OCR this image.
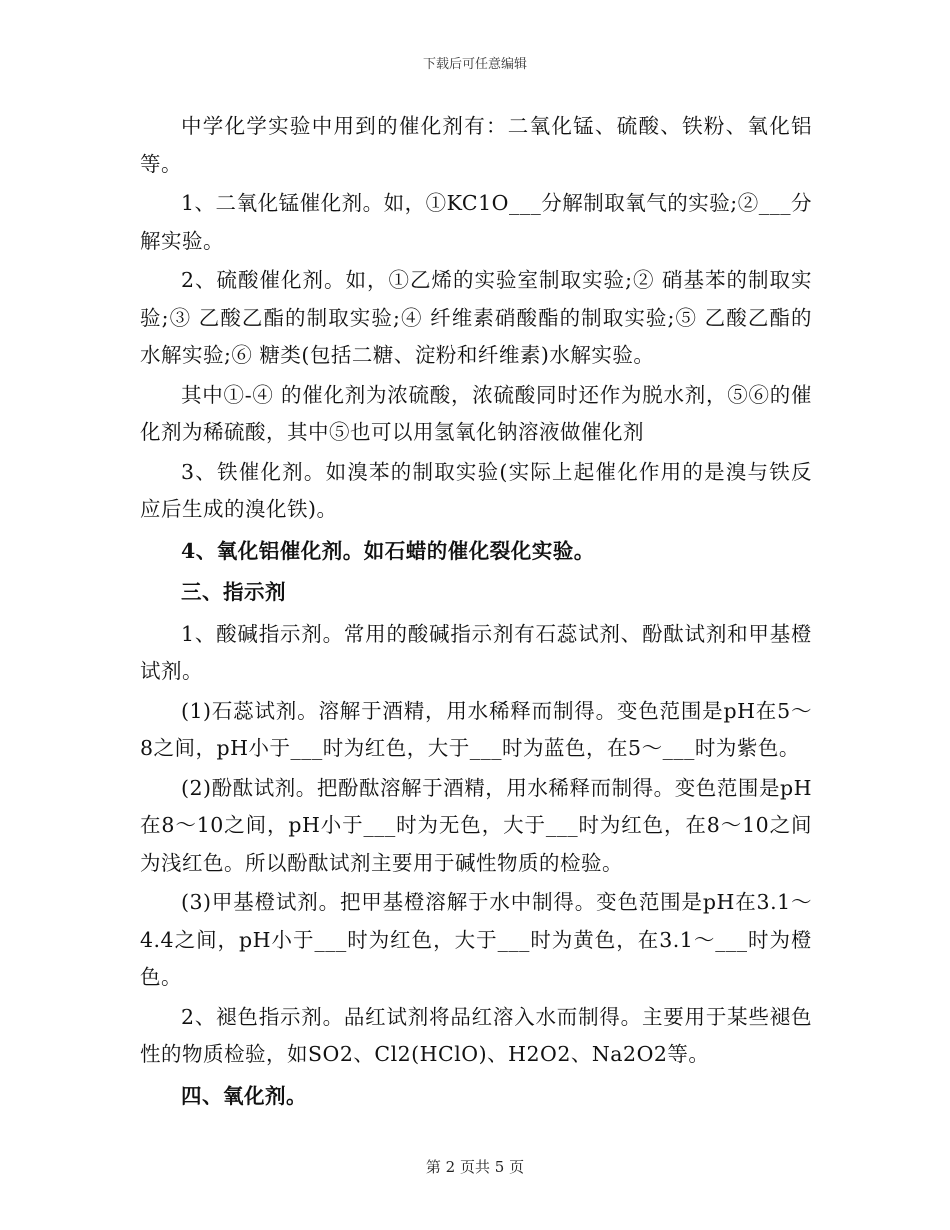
下载后可任意编辑

中学化学实验中用到的催化剂有：二氧化锰、硫酸、铁粉、氧化铝等。

1、二氧化锰催化剂。如，①KC1O___分解制取氧气的实验;②___分解实验。

2、硫酸催化剂。如，①乙烯的实验室制取实验;② 硝基苯的制取实验;③ 乙酸乙酯的制取实验;④ 纤维素硝酸酯的制取实验;⑤ 乙酸乙酯的水解实验;⑥ 糖类(包括二糖、淀粉和纤维素)水解实验。

其中①-④ 的催化剂为浓硫酸，浓硫酸同时还作为脱水剂，⑤⑥的催化剂为稀硫酸，其中⑤也可以用氢氧化钠溶液做催化剂

3、铁催化剂。如溴苯的制取实验(实际上起催化作用的是溴与铁反应后生成的溴化铁)。

4、氧化铝催化剂。如石蜡的催化裂化实验。

三、指示剂

1、酸碱指示剂。常用的酸碱指示剂有石蕊试剂、酚酞试剂和甲基橙试剂。

(1)石蕊试剂。溶解于酒精，用水稀释而制得。变色范围是pH在5～8之间，pH小于___时为红色，大于___时为蓝色，在5～___时为紫色。

(2)酚酞试剂。把酚酞溶解于酒精，用水稀释而制得。变色范围是pH在8～10之间，pH小于___时为无色，大于___时为红色，在8～10之间为浅红色。所以酚酞试剂主要用于碱性物质的检验。

(3)甲基橙试剂。把甲基橙溶解于水中制得。变色范围是pH在3.1～4.4之间，pH小于___时为红色，大于___时为黄色，在3.1～___时为橙色。

2、褪色指示剂。品红试剂将品红溶入水而制得。主要用于某些褪色性的物质检验，如SO2、Cl2(HClO)、H2O2、Na2O2等。

四、氧化剂。

第 2 页共 5 页
